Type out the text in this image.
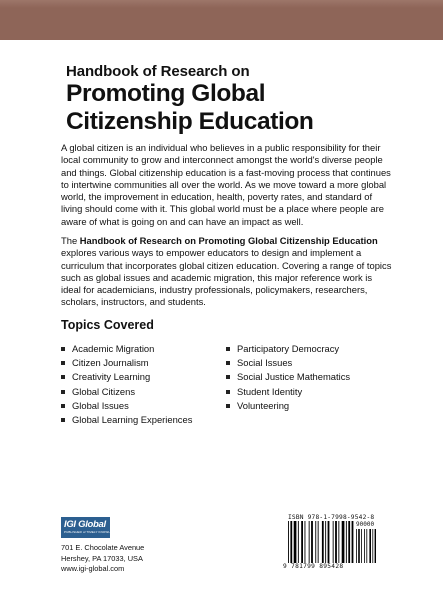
Handbook of Research on
Promoting Global
Citizenship Education

A global citizen is an individual who believes in a public responsibility for their local community to grow and interconnect amongst the world's diverse people and things. Global citizenship education is a fast-moving process that continues to intertwine communities all over the world. As we move toward a more global world, the improvement in education, health, poverty rates, and standard of living should come with it. This global world must be a place where people are aware of what is going on and can have an impact as well.

The Handbook of Research on Promoting Global Citizenship Education explores various ways to empower educators to design and implement a curriculum that incorporates global citizen education. Covering a range of topics such as global issues and academic migration, this major reference work is ideal for academicians, industry professionals, policymakers, researchers, scholars, instructors, and students.

Topics Covered
Academic Migration
Citizen Journalism
Creativity Learning
Global Citizens
Global Issues
Global Learning Experiences
Participatory Democracy
Social Issues
Social Justice Mathematics
Student Identity
Volunteering
IGI Global
PUBLISHER of TIMELY KNOWLEDGE
701 E. Chocolate Avenue
Hershey, PA 17033, USA
www.igi-global.com
ISBN 978-1-7998-9542-8
90000
9 781799 895428
